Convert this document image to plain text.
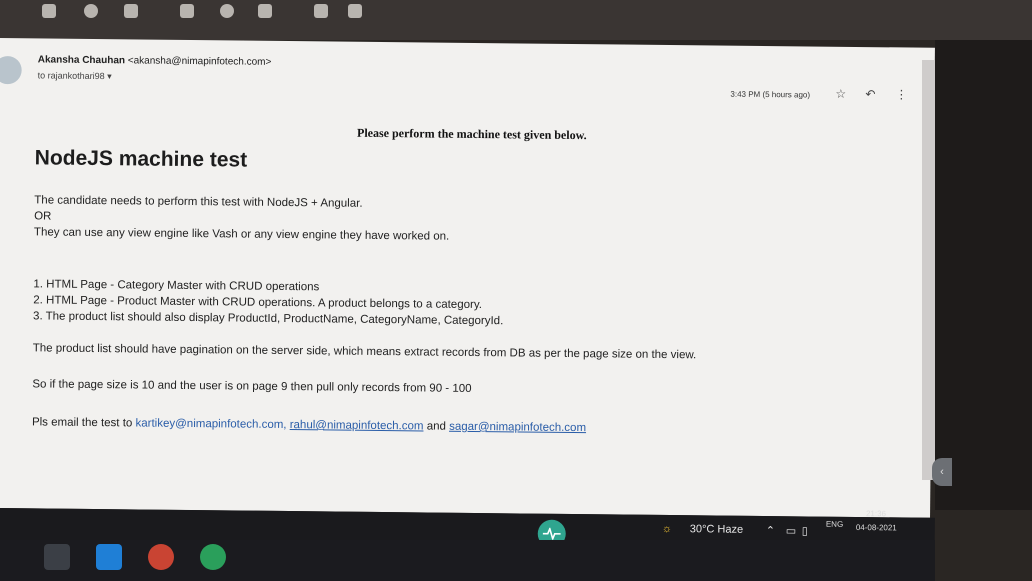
Akansha Chauhan <akansha@nimapinfotech.com>
to rajankothari98 ▾
3:43 PM (5 hours ago) ☆ ↶ ⋮
Please perform the machine test given below.
NodeJS machine test
The candidate needs to perform this test with NodeJS + Angular.
OR
They can use any view engine like Vash or any view engine they have worked on.
1. HTML Page - Category Master with CRUD operations
2. HTML Page - Product Master with CRUD operations. A product belongs to a category.
3. The product list should also display ProductId, ProductName, CategoryName, CategoryId.
The product list should have pagination on the server side, which means extract records from DB as per the page size on the view.
So if the page size is 10 and the user is on page 9 then pull only records from 90 - 100
Pls email the test to kartikey@nimapinfotech.com, rahul@nimapinfotech.com and sagar@nimapinfotech.com
‹
☼ 30°C Haze ⌃ ▭ ▯
ENG
21:36
04-08-2021
